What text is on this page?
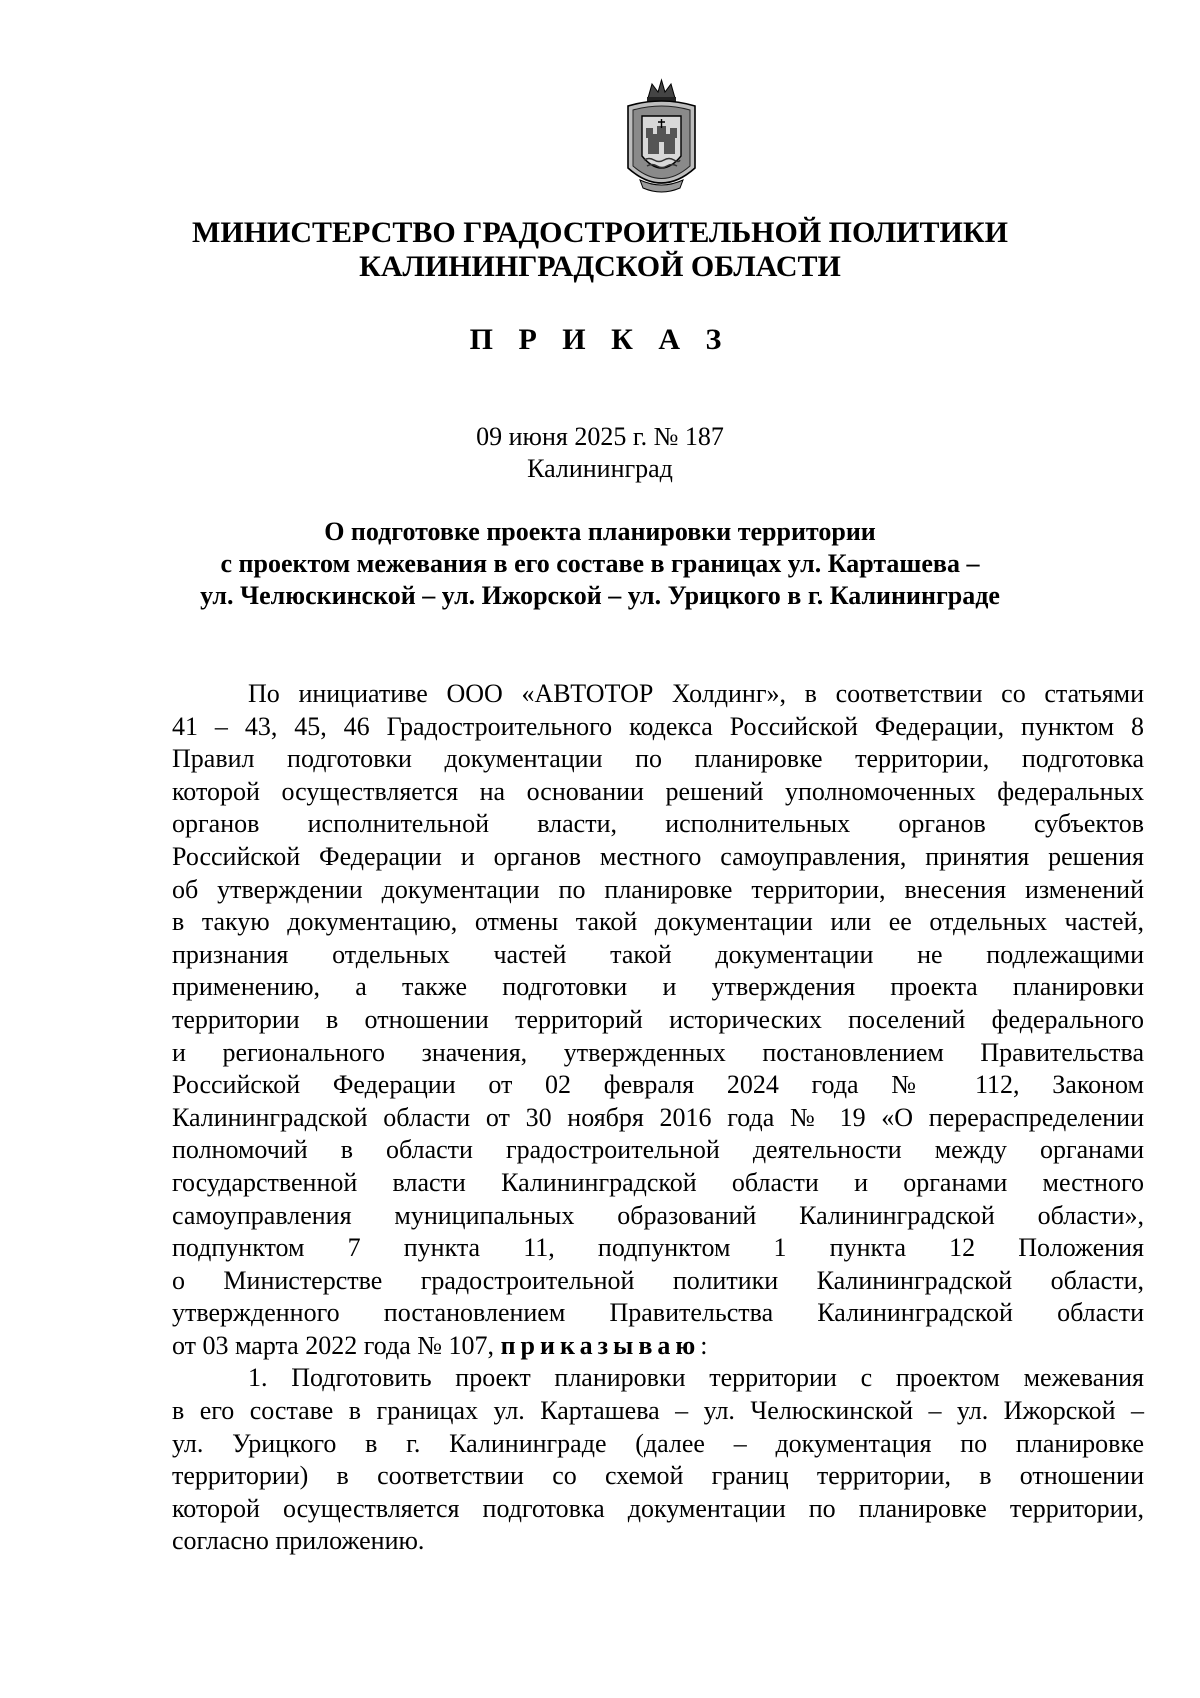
МИНИСТЕРСТВО ГРАДОСТРОИТЕЛЬНОЙ ПОЛИТИКИ
КАЛИНИНГРАДСКОЙ ОБЛАСТИ
П Р И К А З
09 июня 2025 г. № 187
Калининград
О подготовке проекта планировки территории
с проектом межевания в его составе в границах ул. Карташева –
ул. Челюскинской – ул. Ижорской – ул. Урицкого в г. Калининграде

По инициативе ООО «АВТОТОР Холдинг», в соответствии со статьями
41 – 43, 45, 46 Градостроительного кодекса Российской Федерации, пунктом 8
Правил подготовки документации по планировке территории, подготовка
которой осуществляется на основании решений уполномоченных федеральных
органов исполнительной власти, исполнительных органов субъектов
Российской Федерации и органов местного самоуправления, принятия решения
об утверждении документации по планировке территории, внесения изменений
в такую документацию, отмены такой документации или ее отдельных частей,
признания отдельных частей такой документации не подлежащими
применению, а также подготовки и утверждения проекта планировки
территории в отношении территорий исторических поселений федерального
и регионального значения, утвержденных постановлением Правительства
Российской Федерации от 02 февраля 2024 года № 112, Законом
Калининградской области от 30 ноября 2016 года № 19 «О перераспределении
полномочий в области градостроительной деятельности между органами
государственной власти Калининградской области и органами местного
самоуправления муниципальных образований Калининградской области»,
подпунктом 7 пункта 11, подпунктом 1 пункта 12 Положения
о Министерстве градостроительной политики Калининградской области,
утвержденного постановлением Правительства Калининградской области
от 03 марта 2022 года № 107, приказываю:

1. Подготовить проект планировки территории с проектом межевания
в его составе в границах ул. Карташева – ул. Челюскинской – ул. Ижорской –
ул. Урицкого в г. Калининграде (далее – документация по планировке
территории) в соответствии со схемой границ территории, в отношении
которой осуществляется подготовка документации по планировке территории,
согласно приложению.
